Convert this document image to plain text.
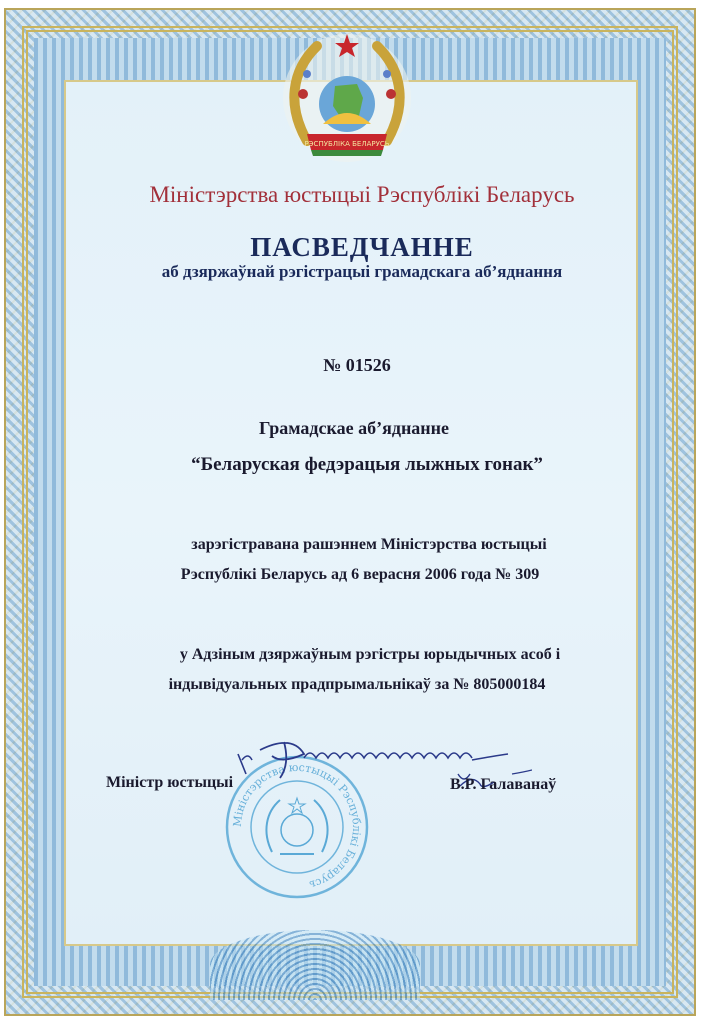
РЭСПУБЛІКА БЕЛАРУСЬ

Міністэрства юстыцыі Рэспублікі Беларусь

ПАСВЕДЧАННЕ

аб дзяржаўнай рэгістрацыі грамадскага аб’яднання

№ 01526

Грамадскае аб’яднанне

“Беларуская федэрацыя лыжных гонак”

зарэгістравана рашэннем Міністэрства юстыцыі

Рэспублікі Беларусь ад 6 верасня 2006 года № 309

у Адзіным дзяржаўным рэгістры юрыдычных асоб і

індывідуальных прадпрымальнікаў за № 805000184

Міністэрства юстыцыі Рэспублікі Беларусь
Міністр юстыцыі	В.Р. Галаванаў
